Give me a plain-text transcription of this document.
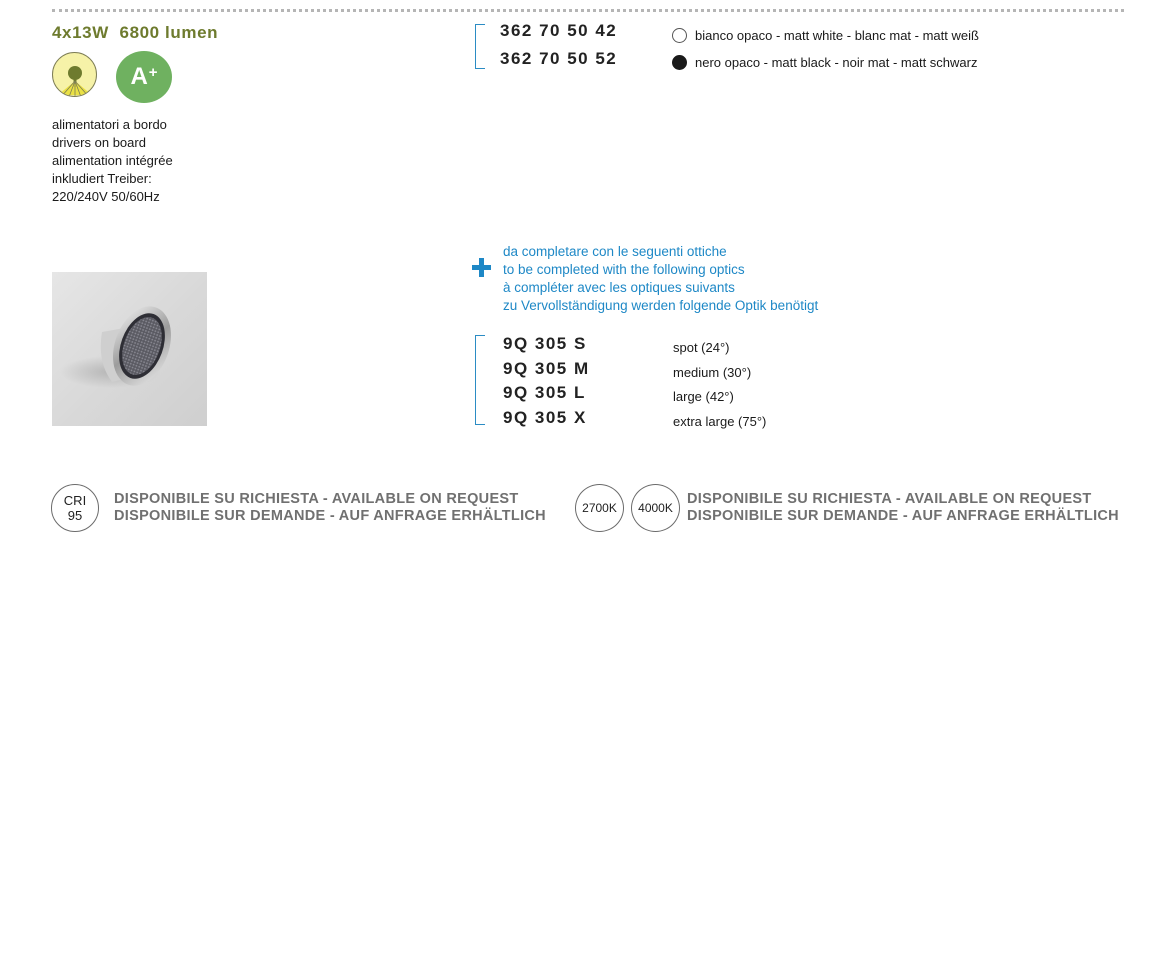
4x13W  6800 lumen
A+
alimentatori a bordo
drivers on board
alimentation intégrée
inkludiert Treiber:
220/240V 50/60Hz
362 70 50 42
362 70 50 52
bianco opaco - matt white - blanc mat - matt weiß
nero opaco - matt black - noir mat - matt schwarz
da completare con le seguenti ottiche
to be completed with the following optics
à compléter avec les optiques suivants
zu Vervollständigung werden folgende Optik benötigt
9Q 305 S
9Q 305 M
9Q 305 L
9Q 305 X
spot (24°)
medium (30°)
large (42°)
extra large (75°)
CRI
95
DISPONIBILE SU RICHIESTA - AVAILABLE ON REQUEST
DISPONIBILE SUR DEMANDE - AUF ANFRAGE ERHÄLTLICH	2700K 4000K
DISPONIBILE SU RICHIESTA - AVAILABLE ON REQUEST
DISPONIBILE SUR DEMANDE - AUF ANFRAGE ERHÄLTLICH
